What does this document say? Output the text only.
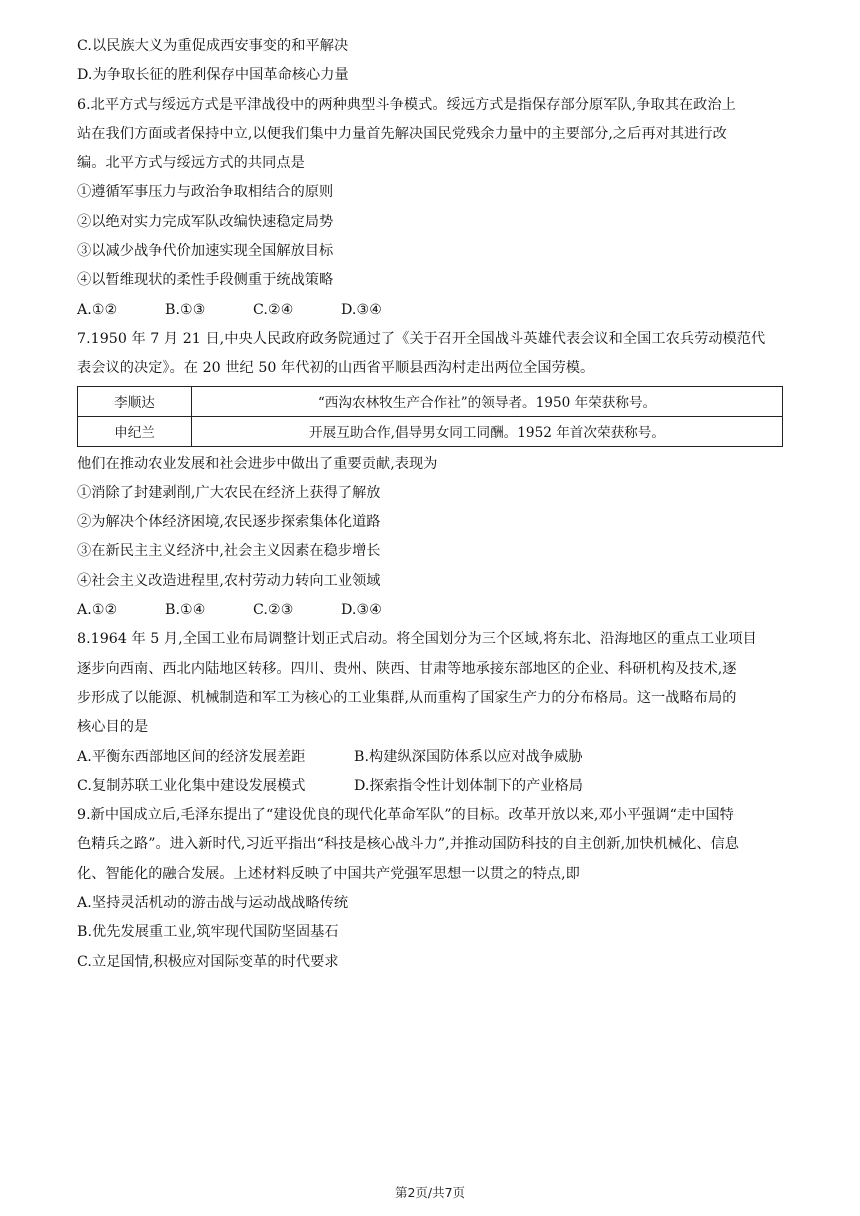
C.以民族大义为重促成西安事变的和平解决
D.为争取长征的胜利保存中国革命核心力量
6.北平方式与绥远方式是平津战役中的两种典型斗争模式。绥远方式是指保存部分原军队,争取其在政治上
站在我们方面或者保持中立,以便我们集中力量首先解决国民党残余力量中的主要部分,之后再对其进行改
编。北平方式与绥远方式的共同点是
①遵循军事压力与政治争取相结合的原则
②以绝对实力完成军队改编快速稳定局势
③以减少战争代价加速实现全国解放目标
④以暂维现状的柔性手段侧重于统战策略
A.①②	B.①③	C.②④	D.③④
7.1950 年 7 月 21 日,中央人民政府政务院通过了《关于召开全国战斗英雄代表会议和全国工农兵劳动模范代
表会议的决定》。在 20 世纪 50 年代初的山西省平顺县西沟村走出两位全国劳模。
李顺达	“西沟农林牧生产合作社”的领导者。1950 年荣获称号。
申纪兰	开展互助合作,倡导男女同工同酬。1952 年首次荣获称号。
他们在推动农业发展和社会进步中做出了重要贡献,表现为
①消除了封建剥削,广大农民在经济上获得了解放
②为解决个体经济困境,农民逐步探索集体化道路
③在新民主主义经济中,社会主义因素在稳步增长
④社会主义改造进程里,农村劳动力转向工业领域
A.①②	B.①④	C.②③	D.③④
8.1964 年 5 月,全国工业布局调整计划正式启动。将全国划分为三个区域,将东北、沿海地区的重点工业项目
逐步向西南、西北内陆地区转移。四川、贵州、陕西、甘肃等地承接东部地区的企业、科研机构及技术,逐
步形成了以能源、机械制造和军工为核心的工业集群,从而重构了国家生产力的分布格局。这一战略布局的
核心目的是
A.平衡东西部地区间的经济发展差距	B.构建纵深国防体系以应对战争威胁
C.复制苏联工业化集中建设发展模式	D.探索指令性计划体制下的产业格局
9.新中国成立后,毛泽东提出了“建设优良的现代化革命军队”的目标。改革开放以来,邓小平强调“走中国特
色精兵之路”。进入新时代,习近平指出“科技是核心战斗力”,并推动国防科技的自主创新,加快机械化、信息
化、智能化的融合发展。上述材料反映了中国共产党强军思想一以贯之的特点,即
A.坚持灵活机动的游击战与运动战战略传统
B.优先发展重工业,筑牢现代国防坚固基石
C.立足国情,积极应对国际变革的时代要求
第2页/共7页
